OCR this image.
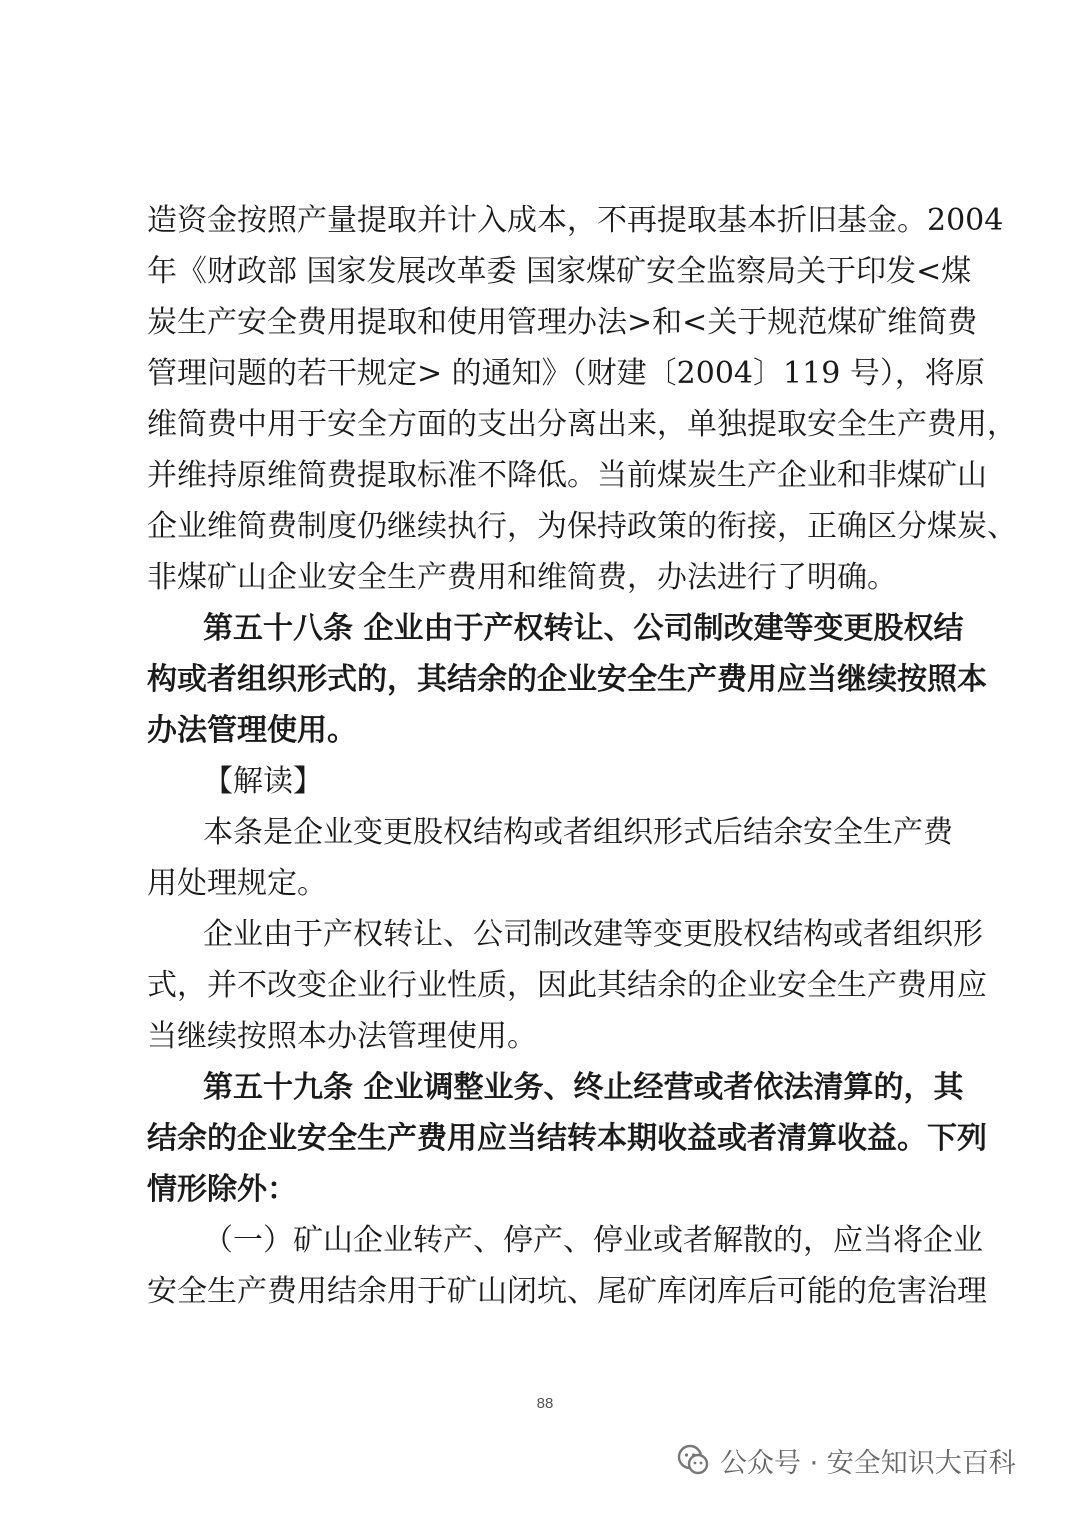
造资金按照产量提取并计入成本，不再提取基本折旧基金。2004
年《财政部 国家发展改革委 国家煤矿安全监察局关于印发<煤
炭生产安全费用提取和使用管理办法>和<关于规范煤矿维简费
管理问题的若干规定> 的通知》（财建〔2004〕119 号），将原
维简费中用于安全方面的支出分离出来，单独提取安全生产费用，
并维持原维简费提取标准不降低。当前煤炭生产企业和非煤矿山
企业维简费制度仍继续执行，为保持政策的衔接，正确区分煤炭、
非煤矿山企业安全生产费用和维简费，办法进行了明确。
第五十八条 企业由于产权转让、公司制改建等变更股权结
构或者组织形式的，其结余的企业安全生产费用应当继续按照本
办法管理使用。
【解读】
本条是企业变更股权结构或者组织形式后结余安全生产费
用处理规定。
企业由于产权转让、公司制改建等变更股权结构或者组织形
式，并不改变企业行业性质，因此其结余的企业安全生产费用应
当继续按照本办法管理使用。
第五十九条 企业调整业务、终止经营或者依法清算的，其
结余的企业安全生产费用应当结转本期收益或者清算收益。下列
情形除外：
（一）矿山企业转产、停产、停业或者解散的，应当将企业
安全生产费用结余用于矿山闭坑、尾矿库闭库后可能的危害治理
88
公众号 · 安全知识大百科
